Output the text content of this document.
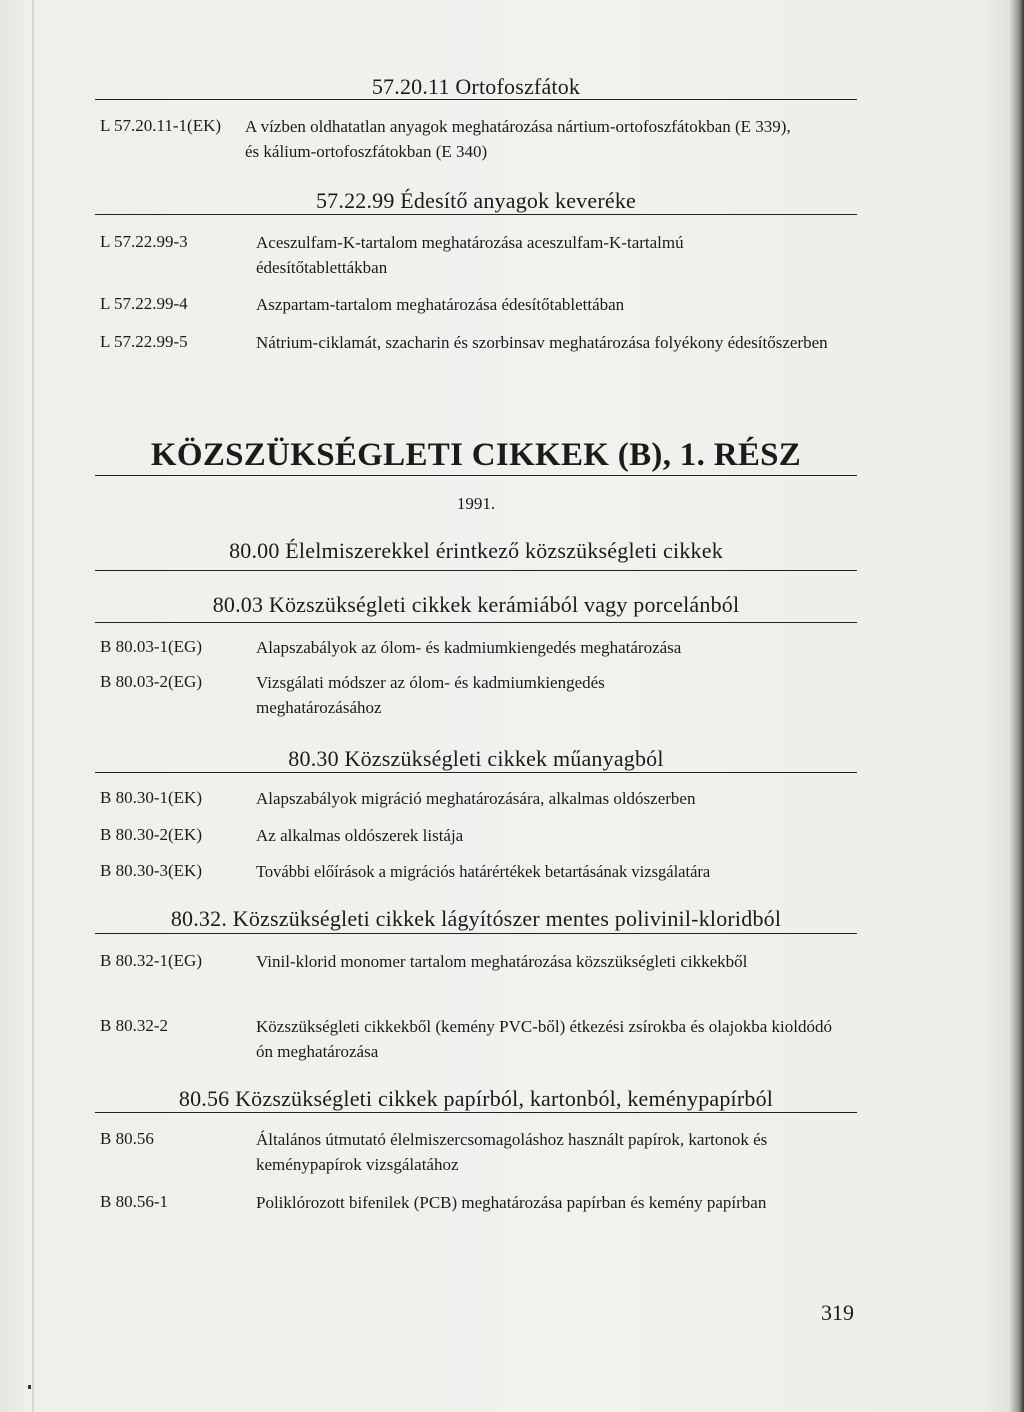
57.20.11 Ortofoszfátok
L 57.20.11-1(EK) A vízben oldhatatlan anyagok meghatározása nártium-ortofoszfátokban (E 339), és kálium-ortofoszfátokban (E 340)
57.22.99 Édesítő anyagok keveréke
L 57.22.99-3	Aceszulfam-K-tartalom meghatározása aceszulfam-K-tartalmú édesítőtablettákban
L 57.22.99-4	Aszpartam-tartalom meghatározása édesítőtablettában
L 57.22.99-5	Nátrium-ciklamát, szacharin és szorbinsav meghatározása folyékony édesítőszerben
KÖZSZÜKSÉGLETI CIKKEK (B), 1. RÉSZ
1991.
80.00 Élelmiszerekkel érintkező közszükségleti cikkek
80.03 Közszükségleti cikkek kerámiából vagy porcelánból
B 80.03-1(EG)	Alapszabályok az ólom- és kadmiumkiengedés meghatározása
B 80.03-2(EG)	Vizsgálati módszer az ólom- és kadmiumkiengedés meghatározásához
80.30 Közszükségleti cikkek műanyagból
B 80.30-1(EK)	Alapszabályok migráció meghatározására, alkalmas oldószerben
B 80.30-2(EK)	Az alkalmas oldószerek listája
B 80.30-3(EK)	További előírások a migrációs határértékek betartásának vizsgálatára
80.32. Közszükségleti cikkek lágyítószer mentes polivinil-kloridból
B 80.32-1(EG)	Vinil-klorid monomer tartalom meghatározása közszükségleti cikkekből
B 80.32-2	Közszükségleti cikkekből (kemény PVC-ből) étkezési zsírokba és olajokba kioldódó ón meghatározása
80.56 Közszükségleti cikkek papírból, kartonból, keménypapírból
B 80.56	Általános útmutató élelmiszercsomagoláshoz használt papírok, kartonok és keménypapírok vizsgálatához
B 80.56-1	Poliklórozott bifenilek (PCB) meghatározása papírban és kemény papírban
319
